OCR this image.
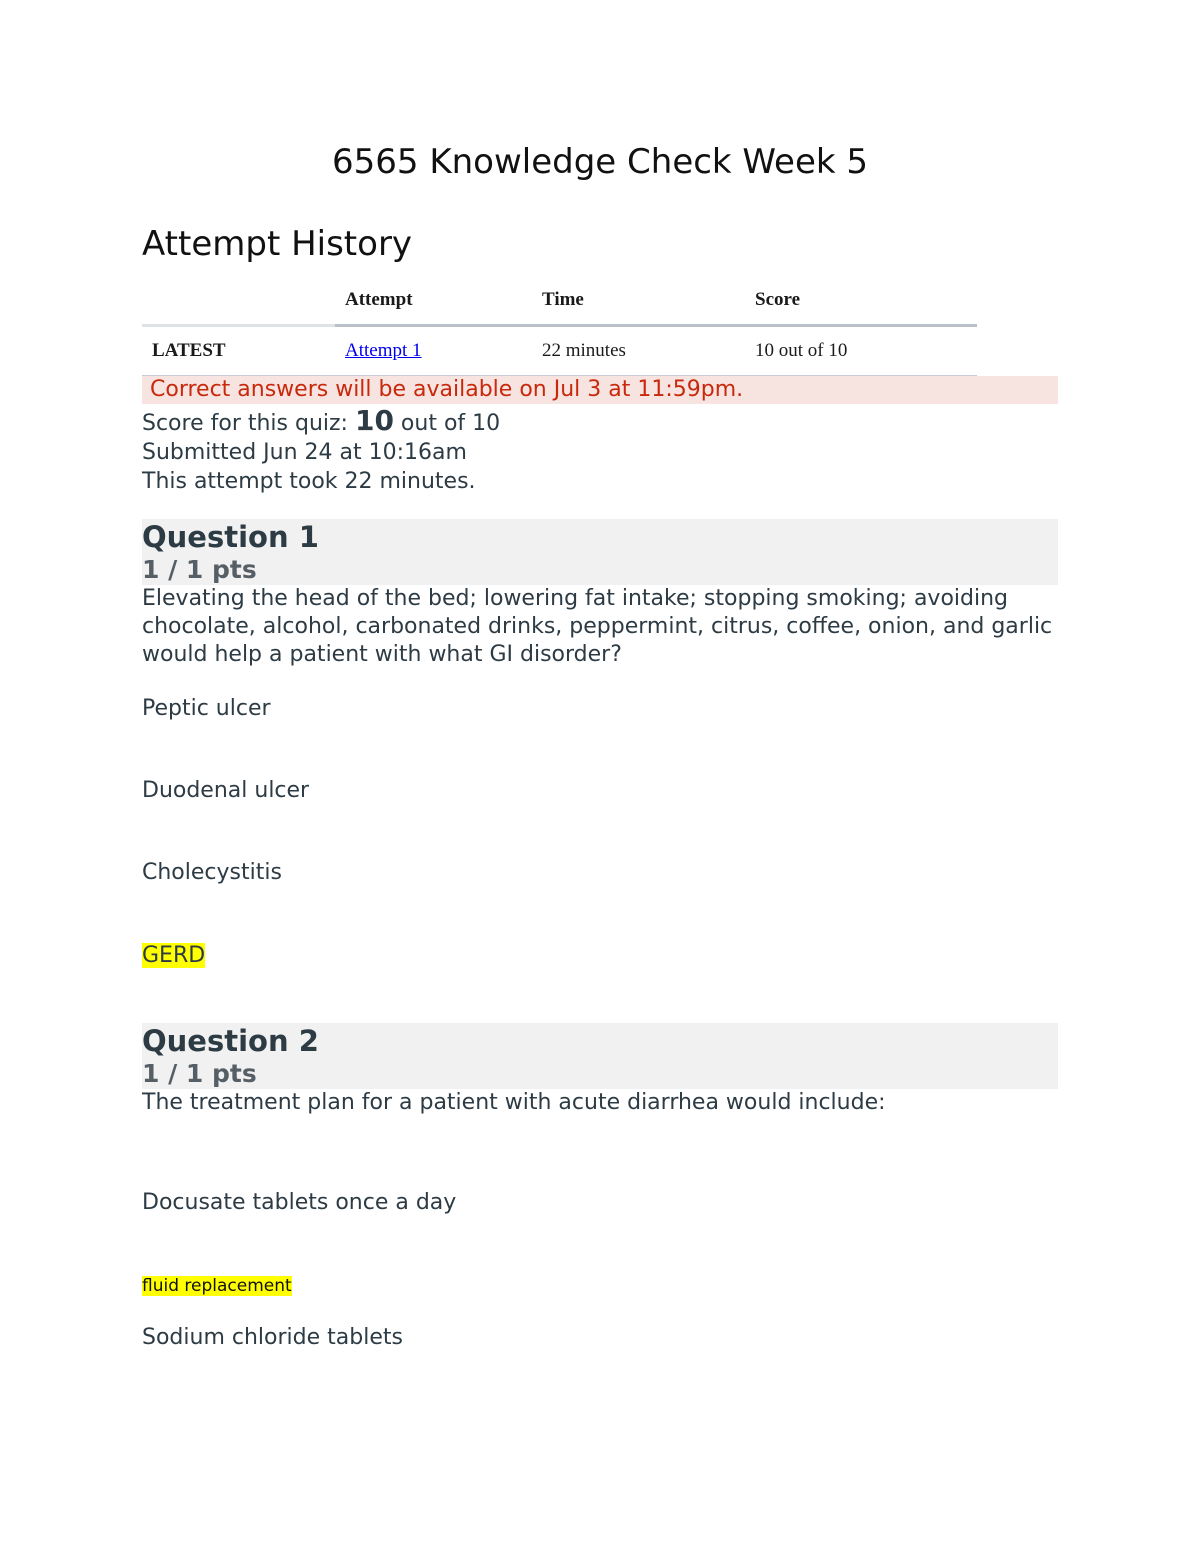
6565 Knowledge Check Week 5
Attempt History
	Attempt	Time	Score
LATEST	Attempt 1	22 minutes	10 out of 10
Correct answers will be available on Jul 3 at 11:59pm.
Score for this quiz: 10 out of 10
Submitted Jun 24 at 10:16am
This attempt took 22 minutes.
Question 1
1 / 1 pts
Elevating the head of the bed; lowering fat intake; stopping smoking; avoiding chocolate, alcohol, carbonated drinks, peppermint, citrus, coffee, onion, and garlic would help a patient with what GI disorder?
Peptic ulcer
Duodenal ulcer
Cholecystitis
GERD
Question 2
1 / 1 pts
The treatment plan for a patient with acute diarrhea would include:
Docusate tablets once a day
fluid replacement
Sodium chloride tablets
